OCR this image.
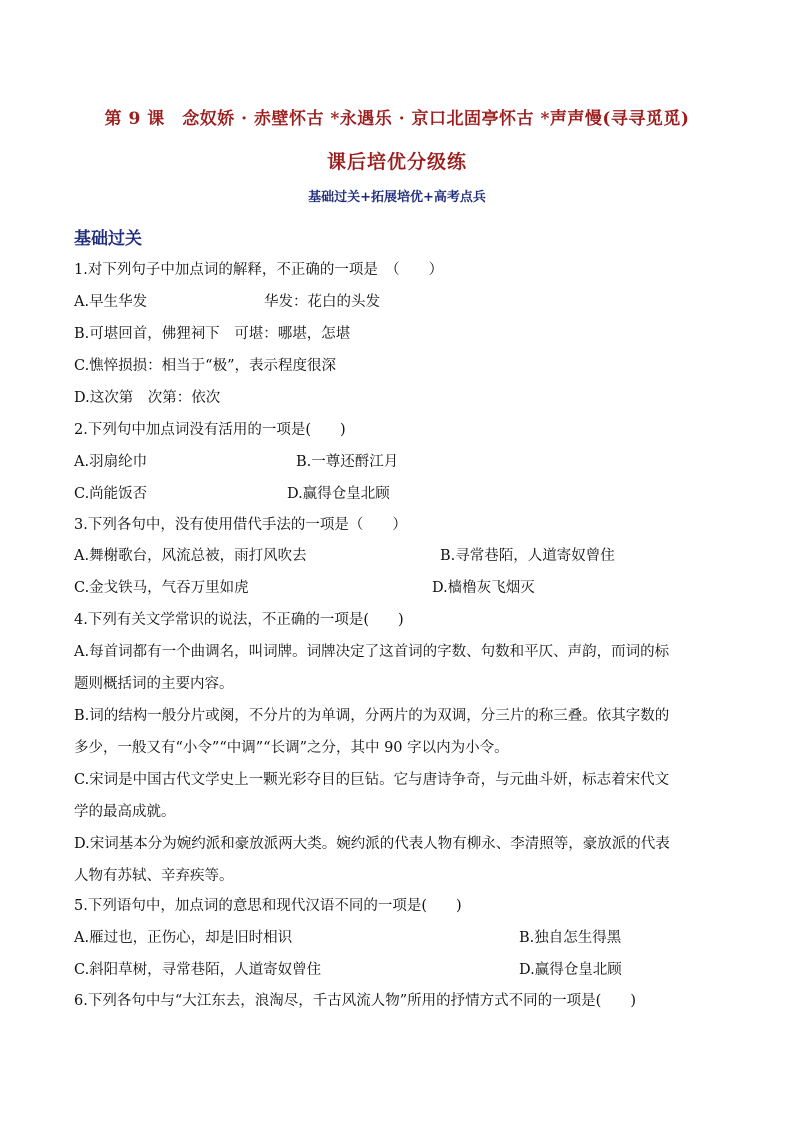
第 9 课　念奴娇 · 赤壁怀古 *永遇乐 · 京口北固亭怀古 *声声慢(寻寻觅觅)
课后培优分级练
基础过关+拓展培优+高考点兵
基础过关
1.对下列句子中加点词的解释，不正确的一项是　（　　）
A.早生华发	华发：花白的头发
B.可堪回首，佛狸祠下　可堪：哪堪，怎堪
C.憔悴损损：相当于“极”，表示程度很深
D.这次第　次第：依次
2.下列句中加点词没有活用的一项是(　　)
A.羽扇纶巾	B.一尊还酹江月
C.尚能饭否	D.赢得仓皇北顾
3.下列各句中，没有使用借代手法的一项是（　　）
A.舞榭歌台，风流总被，雨打风吹去	B.寻常巷陌，人道寄奴曾住
C.金戈铁马，气吞万里如虎	D.樯橹灰飞烟灭
4.下列有关文学常识的说法，不正确的一项是(　　)
A.每首词都有一个曲调名，叫词牌。词牌决定了这首词的字数、句数和平仄、声韵，而词的标
题则概括词的主要内容。
B.词的结构一般分片或阕，不分片的为单调，分两片的为双调，分三片的称三叠。依其字数的
多少，一般又有“小令”“中调”“长调”之分，其中 90 字以内为小令。
C.宋词是中国古代文学史上一颗光彩夺目的巨钻。它与唐诗争奇，与元曲斗妍，标志着宋代文
学的最高成就。
D.宋词基本分为婉约派和豪放派两大类。婉约派的代表人物有柳永、李清照等，豪放派的代表
人物有苏轼、辛弃疾等。
5.下列语句中，加点词的意思和现代汉语不同的一项是(　　)
A.雁过也，正伤心，却是旧时相识	B.独自怎生得黑
C.斜阳草树，寻常巷陌，人道寄奴曾住	D.赢得仓皇北顾
6.下列各句中与“大江东去，浪淘尽，千古风流人物”所用的抒情方式不同的一项是(　　)
